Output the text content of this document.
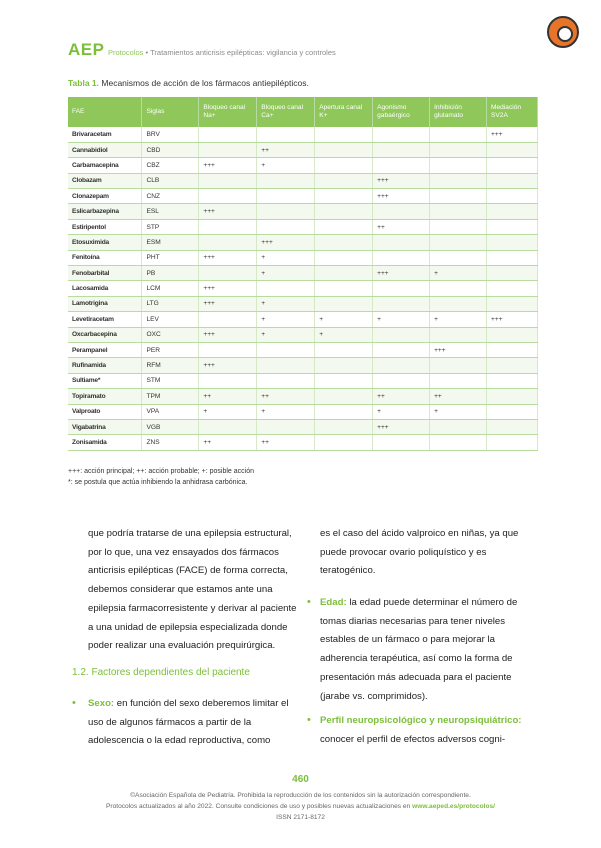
AEP Protocolos • Tratamientos anticrisis epilépticas: vigilancia y controles
Tabla 1. Mecanismos de acción de los fármacos antiepilépticos.
FAE	Siglas	Bloqueo canal Na+	Bloqueo canal Ca+	Apertura canal K+	Agonismo gabaérgico	Inhibición glutamato	Mediación SV2A
Brivaracetam	BRV						+++
Cannabidiol	CBD		++				
Carbamacepina	CBZ	+++	+				
Clobazam	CLB				+++		
Clonazepam	CNZ				+++		
Eslicarbazepina	ESL	+++					
Estiripentol	STP				++		
Etosuximida	ESM		+++				
Fenitoína	PHT	+++	+				
Fenobarbital	PB		+		+++	+	
Lacosamida	LCM	+++					
Lamotrigina	LTG	+++	+				
Levetiracetam	LEV		+	+	+	+	+++
Oxcarbacepina	OXC	+++	+	+			
Perampanel	PER					+++	
Rufinamida	RFM	+++					
Sultiame*	STM						
Topiramato	TPM	++	++		++	++	
Valproato	VPA	+	+		+	+	
Vigabatrina	VGB				+++		
Zonisamida	ZNS	++	++				
+++: acción principal; ++: acción probable; +: posible acción
*: se postula que actúa inhibiendo la anhidrasa carbónica.

que podría tratarse de una epilepsia estructural, por lo que, una vez ensayados dos fármacos anticrisis epilépticas (FACE) de forma correcta, debemos considerar que estamos ante una epilepsia farmacorresistente y derivar al paciente a una unidad de epilepsia especializada donde poder realizar una evaluación prequirúrgica.

1.2. Factores dependientes del paciente
• Sexo: en función del sexo deberemos limitar el uso de algunos fármacos a partir de la adolescencia o la edad reproductiva, como

es el caso del ácido valproico en niñas, ya que puede provocar ovario poliquístico y es teratogénico.

• Edad: la edad puede determinar el número de tomas diarias necesarias para tener niveles estables de un fármaco o para mejorar la adherencia terapéutica, así como la forma de presentación más adecuada para el paciente (jarabe vs. comprimidos).
• Perfil neuropsicológico y neuropsiquiátrico: conocer el perfil de efectos adversos cogni-
460
©Asociación Española de Pediatría. Prohibida la reproducción de los contenidos sin la autorización correspondiente.
Protocolos actualizados al año 2022. Consulte condiciones de uso y posibles nuevas actualizaciones en www.aeped.es/protocolos/
ISSN 2171-8172
